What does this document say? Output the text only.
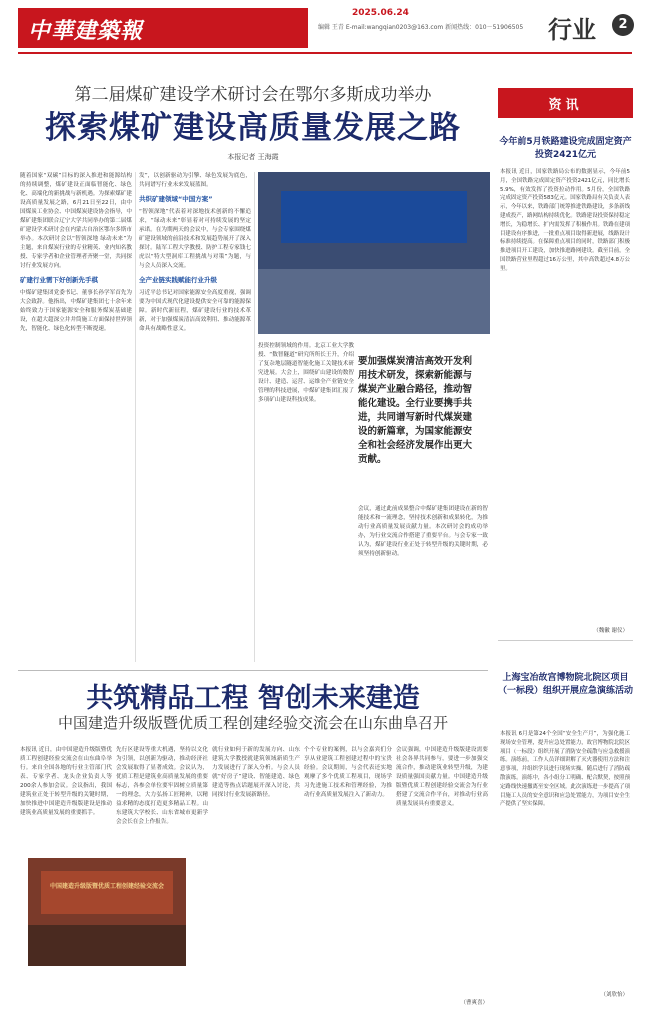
中華建築報
2025.06.24
编辑 王青 E-mail:wangqian0203@163.com 新闻热线：010－51906505 行业	2
第二届煤矿建设学术研讨会在鄂尔多斯成功举办
探索煤矿建设高质量发展之路
本报记者 王海霞

随着国家“双碳”目标的深入推进和能源结构的持续调整，煤矿建设正面临智能化、绿色化、高端化的新挑战与新机遇。为探索煤矿建设高质量发展之路，6月21日至22日，由中国煤炭工业协会、中国煤炭建设协会指导，中煤矿建集团联合辽宁大学共同举办的第二届煤矿建设学术研讨会在内蒙古自治区鄂尔多斯市举办。本次研讨会以“智领深地 绿动未来”为主题，来自煤炭行业的专业精英、业内知名教授、专家学者和企业管理者齐聚一堂，共同探讨行业发展方向。

矿建行业需下好创新先手棋

中煤矿建集团党委书记、董事长孙学军首先为大会致辞。他指出，中煤矿建集团七十余年来始终致力于国家能源安全和服务煤炭基础建设，在超大超深立井井筒施工方面保持世界领先，智能化、绿色化转型不断提速。

发”，以创新驱动为引擎、绿色发展为底色，共同谱写行业未来发展蓝图。

共织矿建领域“中国方案”

“智领深地”代表着对深地技术创新的不懈追求，“绿动未来”彰显着对可持续发展的坚定承诺。在为期两天的会议中，与会专家围绕煤矿建设领域的前沿技术和发展趋势展开了深入探讨。陆军工程大学教授、防护工程专家钱七虎以“特大型洞库工程挑战与对策”为题，与与会人员深入交流。

全产业链实践赋能行业升级

习近平总书记对国家能源安全高度重视，强调要为中国式现代化建设提供安全可靠的能源保障。新时代新征程，煤矿建设行业的技术革新，对于加强煤炭清洁高效利用、推动能源革命具有战略性意义。

投资控制领域的作用。北京工业大学教授、“数智隧道”研究所所长王升，介绍了复杂地层隧道智能化施工关键技术研究进展。大会上，围绕矿山建设的数智设计、建造、运营、运维全产业链安全管理的科技进展，中煤矿建集团汇报了多项矿山建设科技成果。

要加强煤炭清洁高效开发利用技术研发，探索新能源与煤炭产业融合路径，推动智能化建设。全行业要携手共进，共同谱写新时代煤炭建设的新篇章，为国家能源安全和社会经济发展作出更大贡献。

会议，通过此前成果整合中煤矿建集团建设在新的智能技术和一流理念，坚持技术创新和成果转化，为推动行业高质量发展贡献力量。本次研讨会的成功举办，为行业交流合作搭建了重要平台。与会专家一致认为，煤矿建设行业正处于转型升级的关键时期，必须坚持创新驱动。

资讯
今年前5月铁路建设完成固定资产投资2421亿元
本报讯 近日，国家铁路局公布的数据显示，今年前5月，全国铁路完成固定资产投资2421亿元，同比增长5.9%，有效发挥了投资拉动作用。5月份，全国铁路完成固定资产投资583亿元。国家铁路局有关负责人表示，今年以来，铁路部门统筹推进铁路建设，多条新线建成投产，路网结构持续优化。铁路建设投资保持稳定增长，为稳增长、扩内需发挥了积极作用。铁路在建项目建设有序推进，一批重点项目取得新进展，线路设计标准持续提高。在保障重点项目的同时，铁路部门积极推进项目开工建设，加快推进路网建设。截至目前，全国铁路营业里程超过16万公里，其中高铁超过4.8万公里。
（魏徽 谢仪）
上海宝冶故宫博物院北院区项目（一标段）组织开展应急演练活动
本报讯 6月是第24个全国“安全生产月”，为强化施工现场安全管理，提升应急处置能力，故宫博物院北院区项目（一标段）组织开展了消防安全疏散与应急救援演练。演练前，工作人员详细讲解了灭火器使用方法和注意事项，并组织学员进行现场实操。随后进行了消防疏散演练。演练中，各小组分工明确、配合默契，按照预定路线快速撤离至安全区域。此次演练进一步提高了项目施工人员的安全意识和应急处置能力，为项目安全生产提供了坚实保障。
（刘欣怡）
共筑精品工程 智创未来建造
中国建造升级版暨优质工程创建经验交流会在山东曲阜召开

本报讯 近日，由中国建造升级版暨优质工程创建经验交流会在山东曲阜举行。来自全国各地的行业主管部门代表、专家学者、龙头企业负责人等200余人参加会议。会议指出，我国建筑业正处于转型升级的关键时期，加快推进中国建造升级版建设是推动建筑业高质量发展的重要抓手。

先行区建设等重大机遇，坚持以文化为引领，以创新为驱动，推动经济社会发展取得了显著成效。会议认为，优质工程是建筑业高质量发展的重要标志，各参会单位要牢固树立质量第一的理念，大力弘扬工匠精神，以精益求精的态度打造更多精品工程。山东建筑大学校长、山东省城市更新学会会长在会上作报告。

中国建造升级版暨优质工程创建经验交流会

就行业如何于新的发展方向、山东建筑大学教授就建筑领域新质生产力发展进行了深入分析。与会人员就“好房子”建设、智能建造、绿色建造等热点话题展开深入讨论，共同探讨行业发展新路径。

个个专业的案例，以与会嘉宾们分享从业建筑工程创建过程中的宝贵经验。会议期间，与会代表还实地观摩了多个优质工程项目，现场学习先进施工技术和管理经验，为推动行业高质量发展注入了新动力。

会议强调，中国建造升级版建设需要社会各界共同参与，要进一步加强交流合作，推动建筑业转型升级，为建设质量强国贡献力量。中国建造升级版暨优质工程创建经验交流会为行业搭建了交流合作平台，对推动行业高质量发展具有重要意义。

（曹爽喜）
